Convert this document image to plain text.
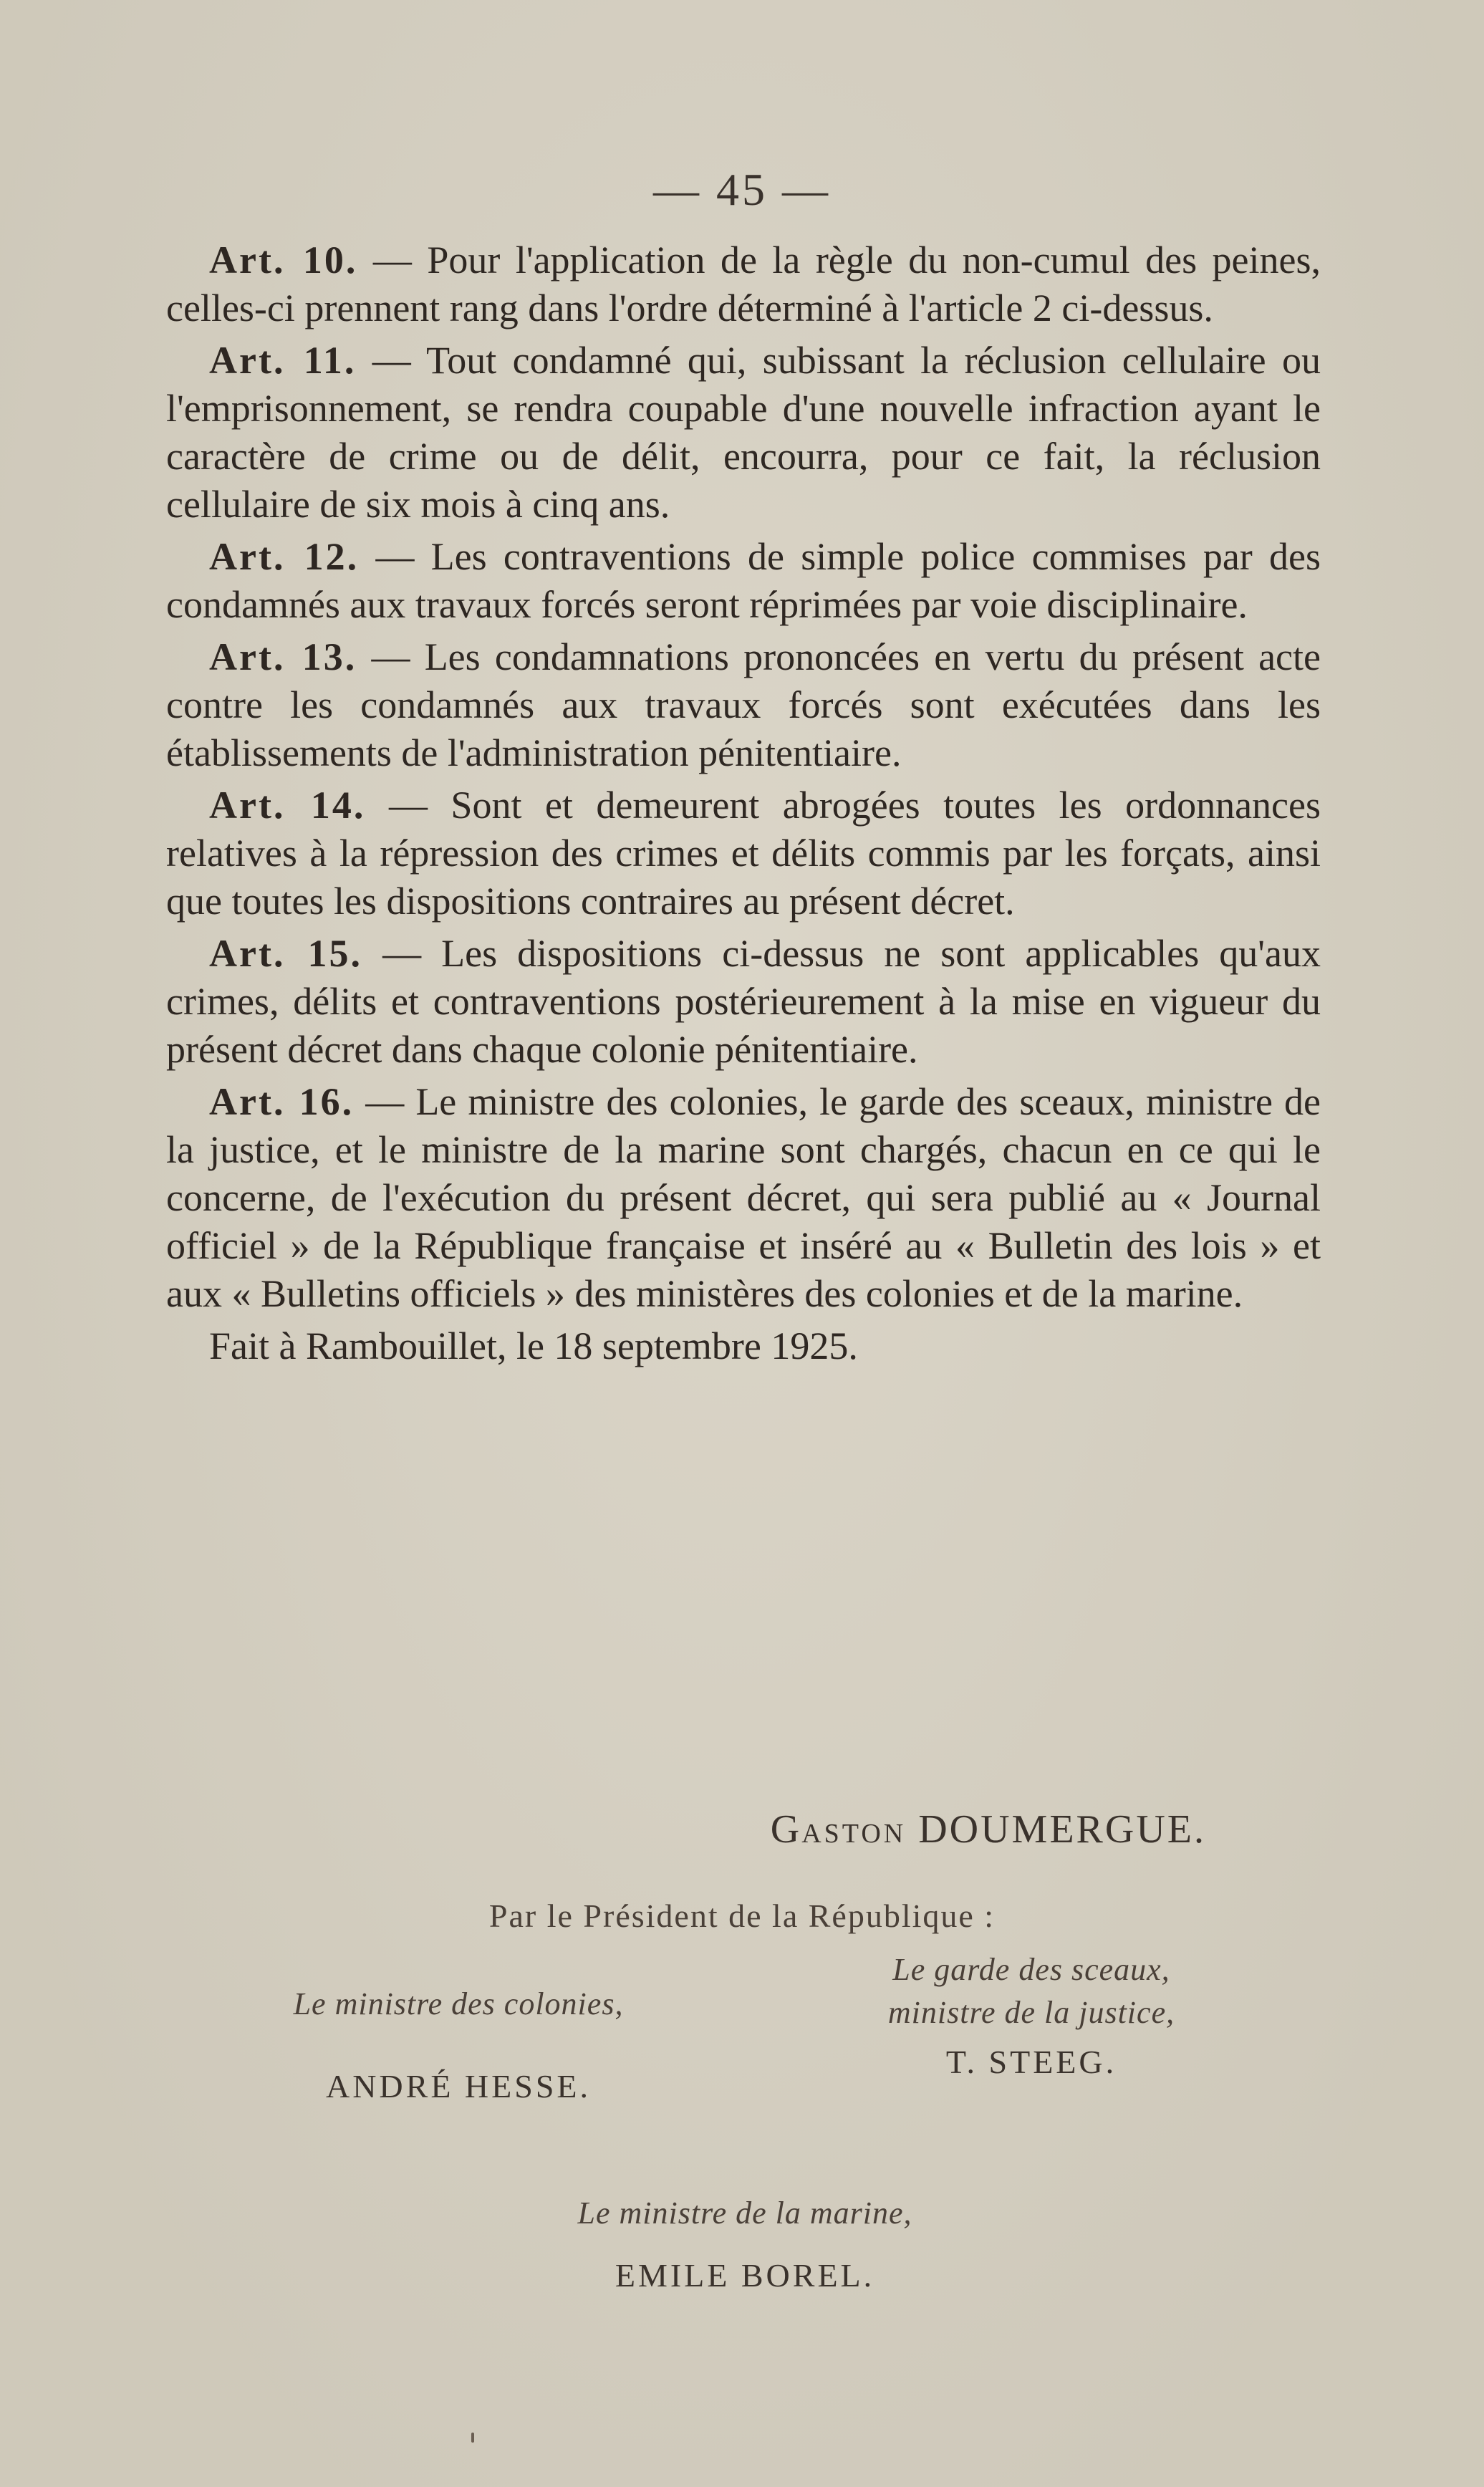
— 45 —

Art. 10. — Pour l'application de la règle du non-cumul des peines, celles-ci prennent rang dans l'ordre déterminé à l'article 2 ci-dessus.

Art. 11. — Tout condamné qui, subissant la réclusion cellulaire ou l'emprisonnement, se rendra coupable d'une nouvelle infraction ayant le caractère de crime ou de délit, encourra, pour ce fait, la réclusion cellulaire de six mois à cinq ans.

Art. 12. — Les contraventions de simple police commises par des condamnés aux travaux forcés seront réprimées par voie disciplinaire.

Art. 13. — Les condamnations prononcées en vertu du présent acte contre les condamnés aux travaux forcés sont exécutées dans les établissements de l'administration pénitentiaire.

Art. 14. — Sont et demeurent abrogées toutes les ordonnances relatives à la répression des crimes et délits commis par les forçats, ainsi que toutes les dispositions contraires au présent décret.

Art. 15. — Les dispositions ci-dessus ne sont applicables qu'aux crimes, délits et contraventions postérieurement à la mise en vigueur du présent décret dans chaque colonie pénitentiaire.

Art. 16. — Le ministre des colonies, le garde des sceaux, ministre de la justice, et le ministre de la marine sont chargés, chacun en ce qui le concerne, de l'exécution du présent décret, qui sera publié au « Journal officiel » de la République française et inséré au « Bulletin des lois » et aux « Bulletins officiels » des ministères des colonies et de la marine.

Fait à Rambouillet, le 18 septembre 1925.

GASTON DOUMERGUE.
Par le Président de la République :
Le ministre des colonies,
ANDRÉ HESSE.
Le garde des sceaux,
ministre de la justice,
T. STEEG.
Le ministre de la marine,
EMILE BOREL.
